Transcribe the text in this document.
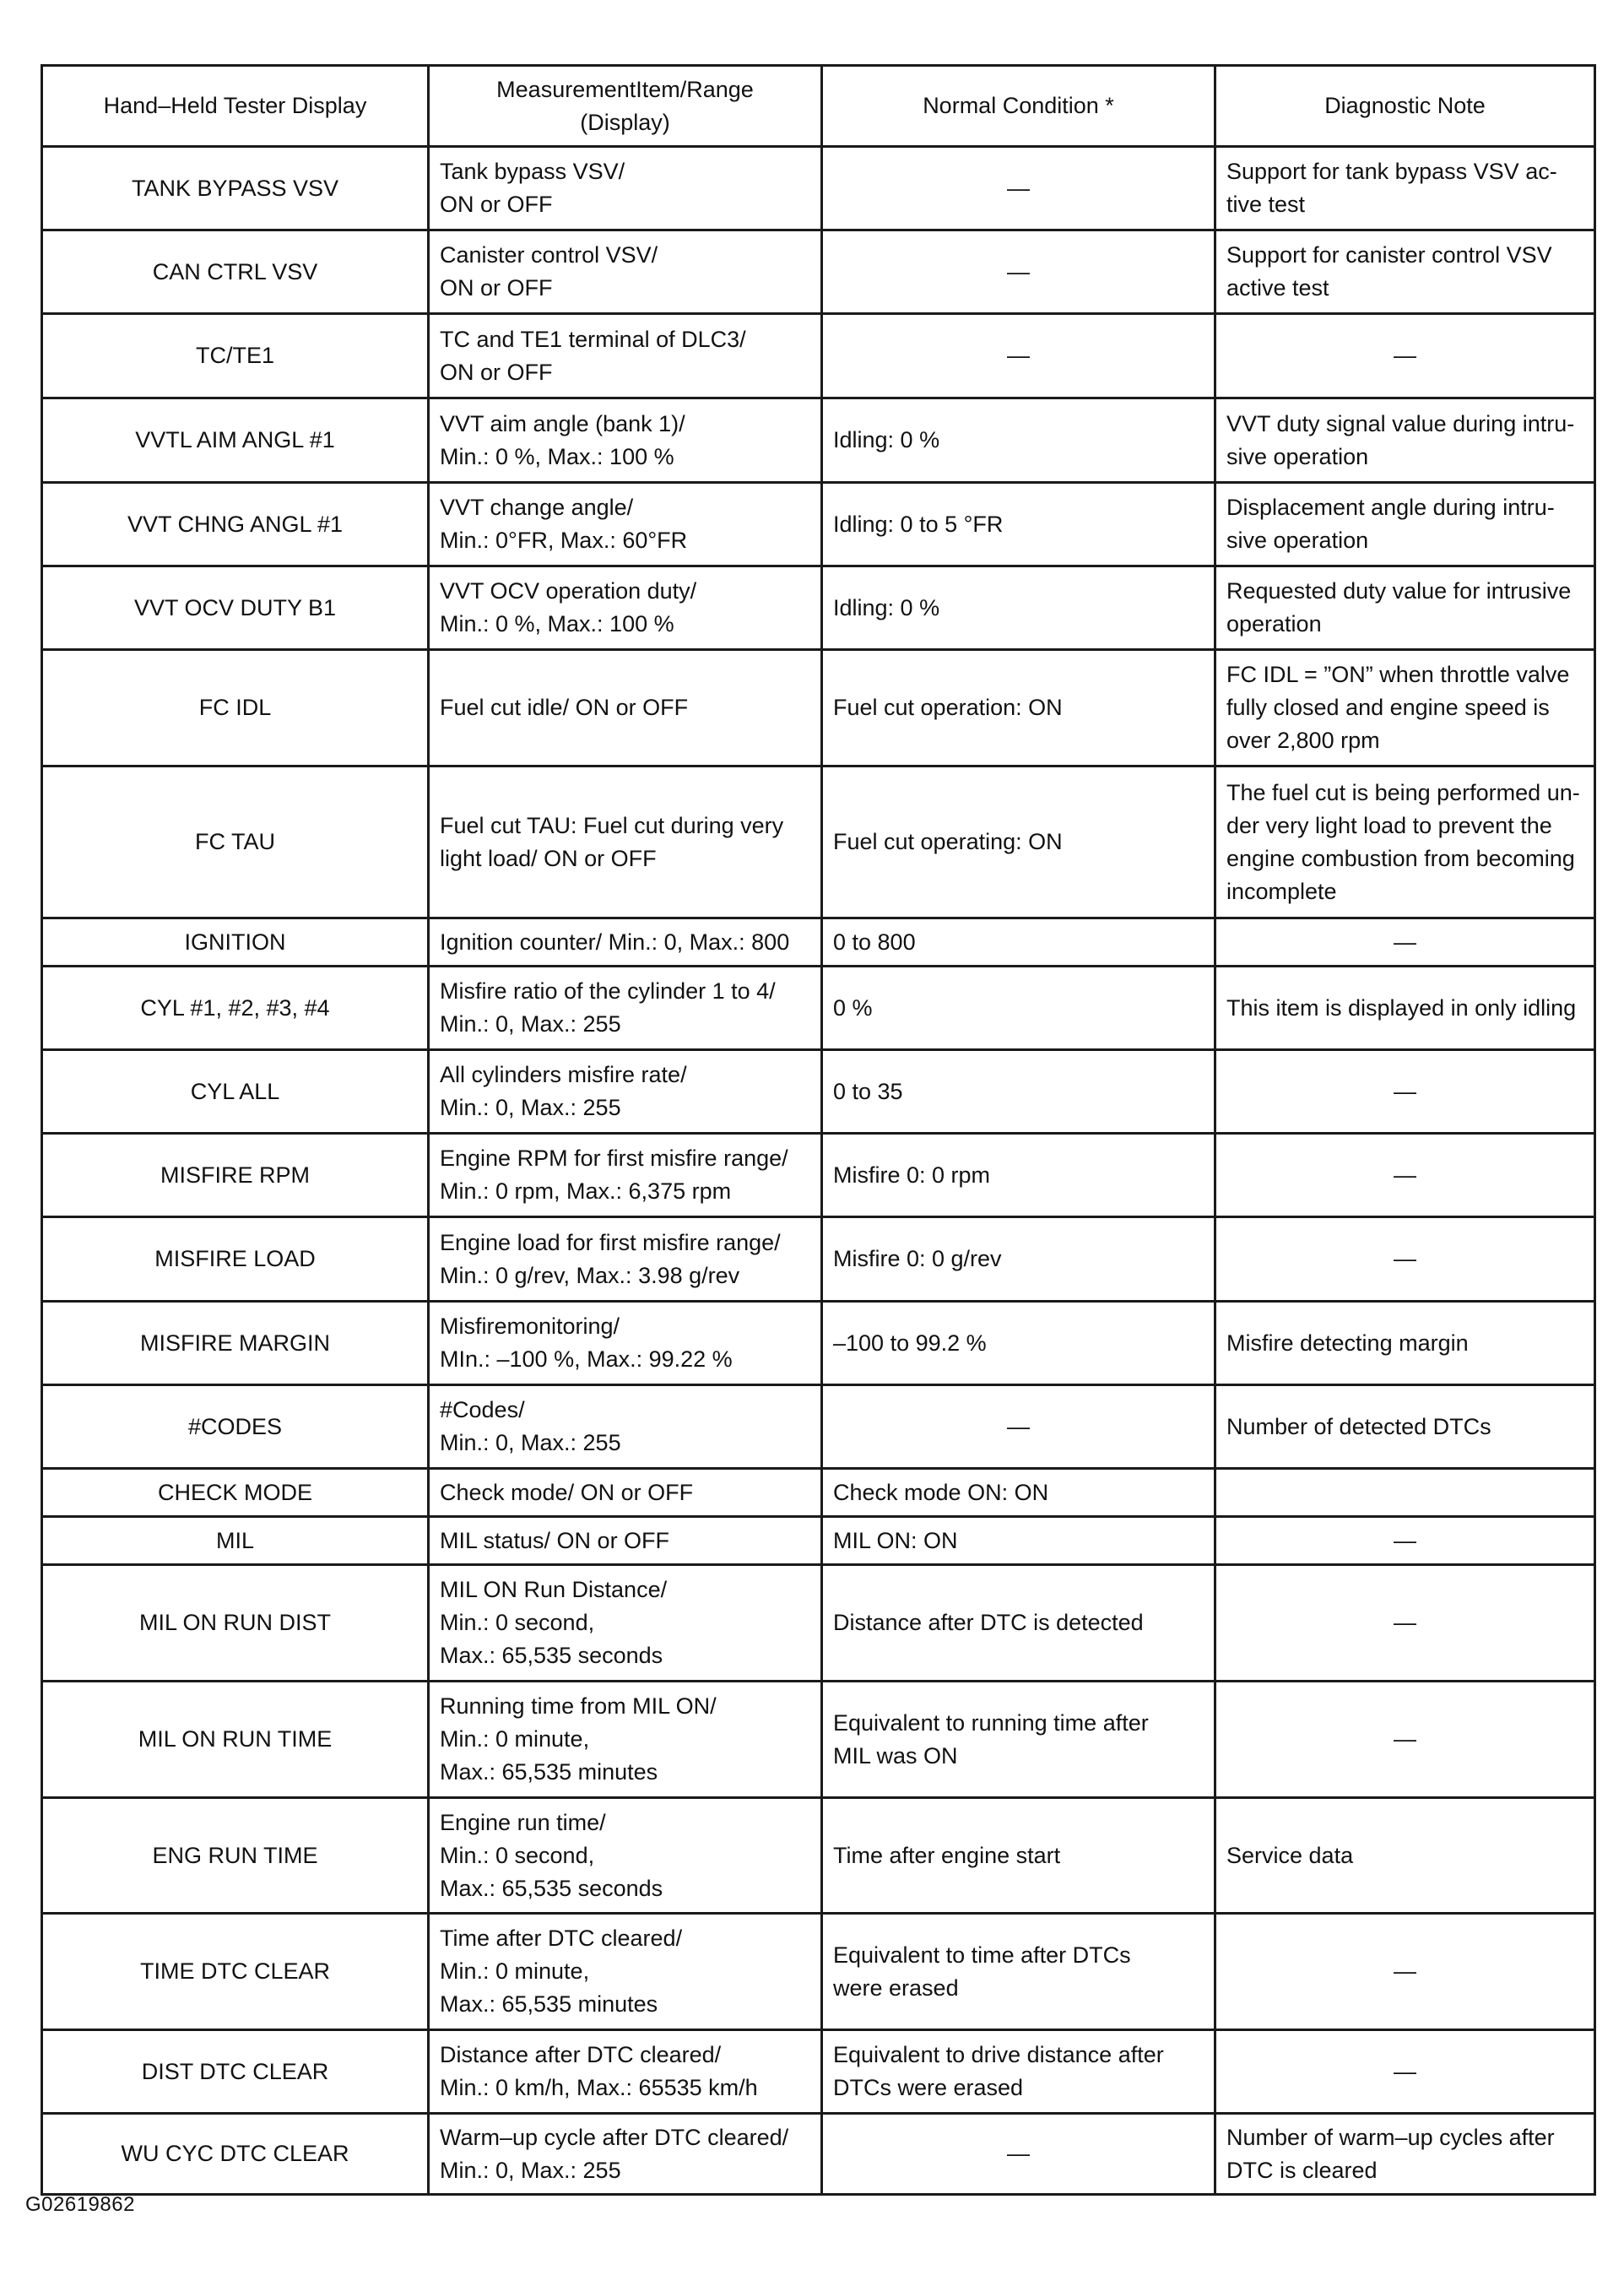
Hand–Held Tester Display	MeasurementItem/Range
(Display)	Normal Condition *	Diagnostic Note
TANK BYPASS VSV	Tank bypass VSV/
ON or OFF	—	Support for tank bypass VSV ac-
tive test
CAN CTRL VSV	Canister control VSV/
ON or OFF	—	Support for canister control VSV
active test
TC/TE1	TC and TE1 terminal of DLC3/
ON or OFF	—	—
VVTL AIM ANGL #1	VVT aim angle (bank 1)/
Min.: 0 %, Max.: 100 %	Idling: 0 %	VVT duty signal value during intru-
sive operation
VVT CHNG ANGL #1	VVT change angle/
Min.: 0°FR, Max.: 60°FR	Idling: 0 to 5 °FR	Displacement angle during intru-
sive operation
VVT OCV DUTY B1	VVT OCV operation duty/
Min.: 0 %, Max.: 100 %	Idling: 0 %	Requested duty value for intrusive
operation
FC IDL	Fuel cut idle/ ON or OFF	Fuel cut operation: ON	FC IDL = ”ON” when throttle valve
fully closed and engine speed is
over 2,800 rpm
FC TAU	Fuel cut TAU: Fuel cut during very
light load/ ON or OFF	Fuel cut operating: ON	The fuel cut is being performed un-
der very light load to prevent the
engine combustion from becoming
incomplete
IGNITION	Ignition counter/ Min.: 0, Max.: 800	0 to 800	—
CYL #1, #2, #3, #4	Misfire ratio of the cylinder 1 to 4/
Min.: 0, Max.: 255	0 %	This item is displayed in only idling
CYL ALL	All cylinders misfire rate/
Min.: 0, Max.: 255	0 to 35	—
MISFIRE RPM	Engine RPM for first misfire range/
Min.: 0 rpm, Max.: 6,375 rpm	Misfire 0: 0 rpm	—
MISFIRE LOAD	Engine load for first misfire range/
Min.: 0 g/rev, Max.: 3.98 g/rev	Misfire 0: 0 g/rev	—
MISFIRE MARGIN	Misfiremonitoring/
MIn.: –100 %, Max.: 99.22 %	–100 to 99.2 %	Misfire detecting margin
#CODES	#Codes/
Min.: 0, Max.: 255	—	Number of detected DTCs
CHECK MODE	Check mode/ ON or OFF	Check mode ON: ON	
MIL	MIL status/ ON or OFF	MIL ON: ON	—
MIL ON RUN DIST	MIL ON Run Distance/
Min.: 0 second,
Max.: 65,535 seconds	Distance after DTC is detected	—
MIL ON RUN TIME	Running time from MIL ON/
Min.: 0 minute,
Max.: 65,535 minutes	Equivalent to running time after
MIL was ON	—
ENG RUN TIME	Engine run time/
Min.: 0 second,
Max.: 65,535 seconds	Time after engine start	Service data
TIME DTC CLEAR	Time after DTC cleared/
Min.: 0 minute,
Max.: 65,535 minutes	Equivalent to time after DTCs
were erased	—
DIST DTC CLEAR	Distance after DTC cleared/
Min.: 0 km/h, Max.: 65535 km/h	Equivalent to drive distance after
DTCs were erased	—
WU CYC DTC CLEAR	Warm–up cycle after DTC cleared/
Min.: 0, Max.: 255	—	Number of warm–up cycles after
DTC is cleared
G02619862
